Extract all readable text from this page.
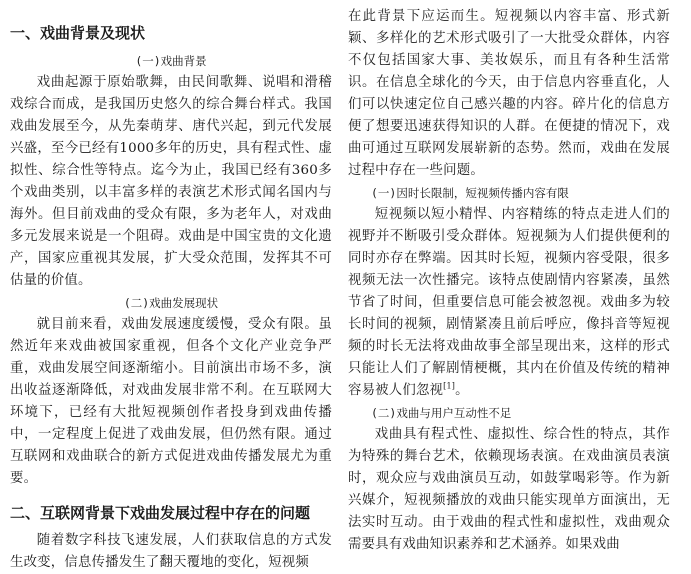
一、戏曲背景及现状
(一)戏曲背景

戏曲起源于原始歌舞，由民间歌舞、说唱和滑稽戏综合而成，是我国历史悠久的综合舞台样式。我国戏曲发展至今，从先秦萌芽、唐代兴起，到元代发展兴盛，至今已经有1000多年的历史，具有程式性、虚拟性、综合性等特点。迄今为止，我国已经有360多个戏曲类别，以丰富多样的表演艺术形式闻名国内与海外。但目前戏曲的受众有限，多为老年人，对戏曲多元发展来说是一个阻碍。戏曲是中国宝贵的文化遗产，国家应重视其发展，扩大受众范围，发挥其不可估量的价值。

(二)戏曲发展现状

就目前来看，戏曲发展速度缓慢，受众有限。虽然近年来戏曲被国家重视，但各个文化产业竞争严重，戏曲发展空间逐渐缩小。目前演出市场不多，演出收益逐渐降低，对戏曲发展非常不利。在互联网大环境下，已经有大批短视频创作者投身到戏曲传播中，一定程度上促进了戏曲发展，但仍然有限。通过互联网和戏曲联合的新方式促进戏曲传播发展尤为重要。

二、互联网背景下戏曲发展过程中存在的问题

随着数字科技飞速发展，人们获取信息的方式发生改变，信息传播发生了翻天覆地的变化，短视频

在此背景下应运而生。短视频以内容丰富、形式新颖、多样化的艺术形式吸引了一大批受众群体，内容不仅包括国家大事、美妆娱乐，而且有各种生活常识。在信息全球化的今天，由于信息内容垂直化，人们可以快速定位自己感兴趣的内容。碎片化的信息方便了想要迅速获得知识的人群。在便捷的情况下，戏曲可通过互联网发展崭新的态势。然而，戏曲在发展过程中存在一些问题。

(一)因时长限制，短视频传播内容有限

短视频以短小精悍、内容精练的特点走进人们的视野并不断吸引受众群体。短视频为人们提供便利的同时亦存在弊端。因其时长短，视频内容受限，很多视频无法一次性播完。该特点使剧情内容紧凑，虽然节省了时间，但重要信息可能会被忽视。戏曲多为较长时间的视频，剧情紧凑且前后呼应，像抖音等短视频的时长无法将戏曲故事全部呈现出来，这样的形式只能让人们了解剧情梗概，其内在价值及传统的精神容易被人们忽视[1]。

(二)戏曲与用户互动性不足

戏曲具有程式性、虚拟性、综合性的特点，其作为特殊的舞台艺术，依赖现场表演。在戏曲演员表演时，观众应与戏曲演员互动，如鼓掌喝彩等。作为新兴媒介，短视频播放的戏曲只能实现单方面演出，无法实时互动。由于戏曲的程式性和虚拟性，戏曲观众需要具有戏曲知识素养和艺术涵养。如果戏曲
